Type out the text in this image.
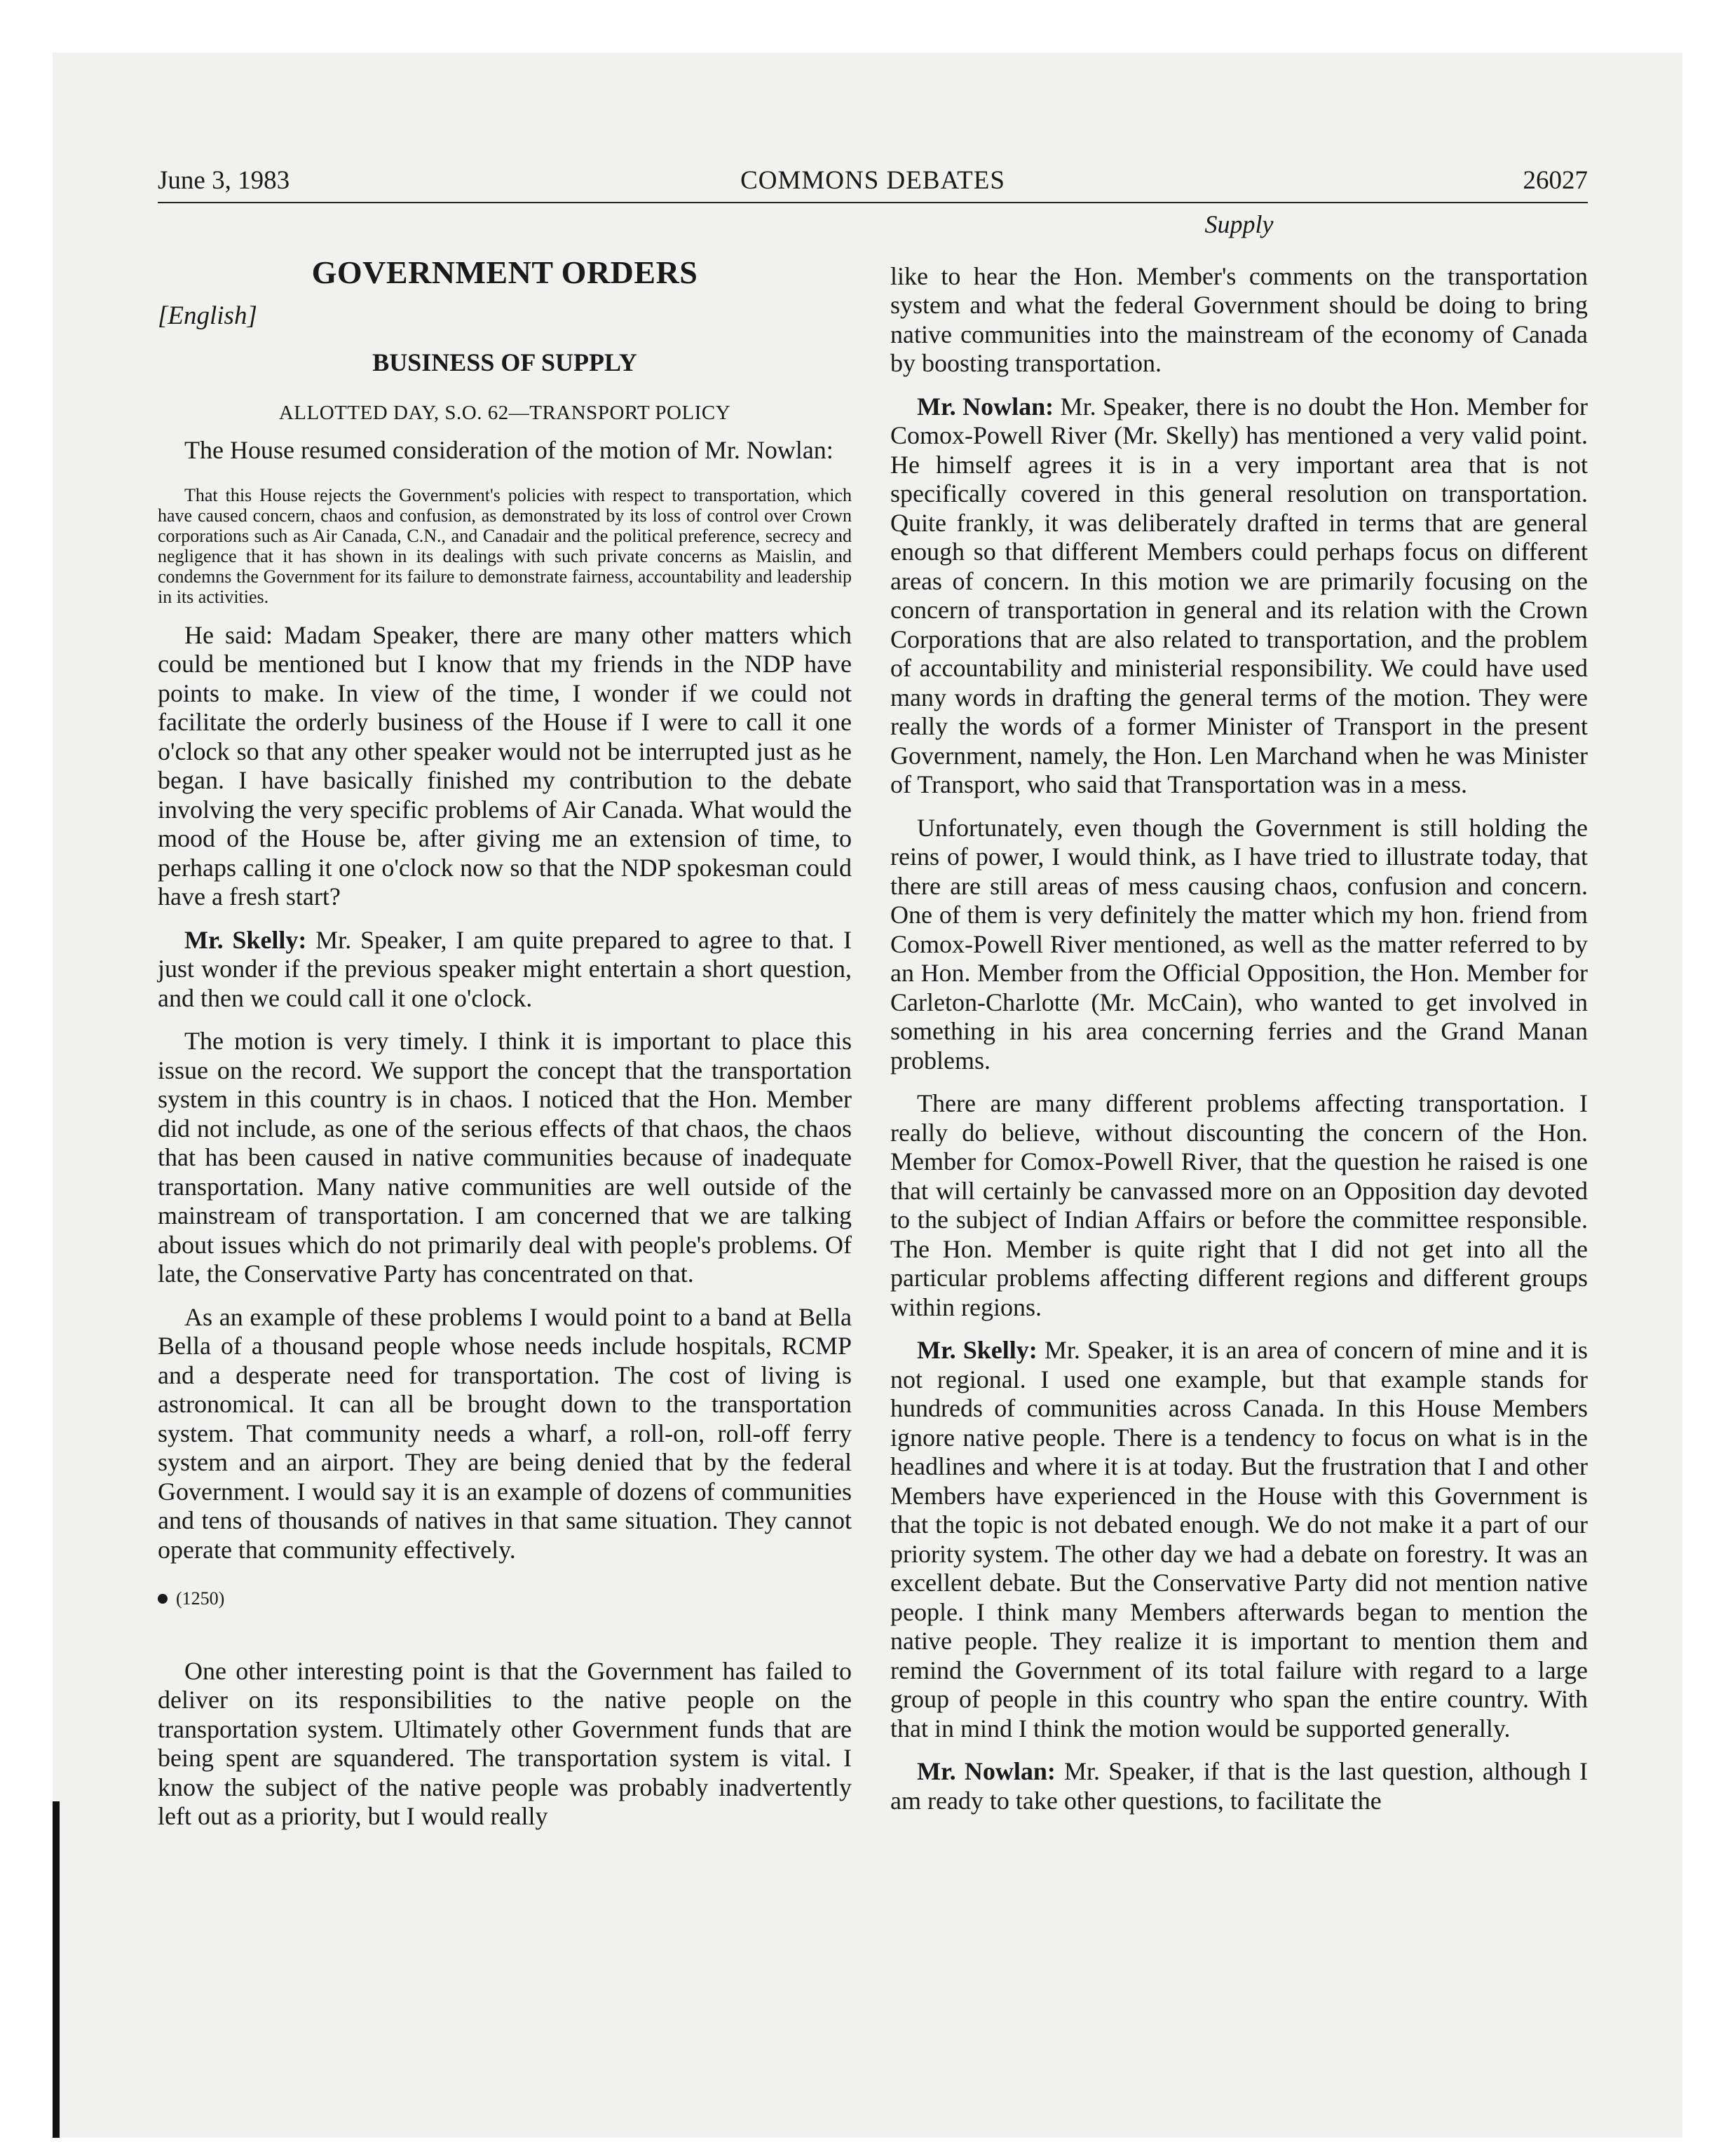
June 3, 1983	COMMONS DEBATES	26027
GOVERNMENT ORDERS
[English]
BUSINESS OF SUPPLY
ALLOTTED DAY, S.O. 62—TRANSPORT POLICY

The House resumed consideration of the motion of Mr. Nowlan:

That this House rejects the Government's policies with respect to transportation, which have caused concern, chaos and confusion, as demonstrated by its loss of control over Crown corporations such as Air Canada, C.N., and Canadair and the political preference, secrecy and negligence that it has shown in its dealings with such private concerns as Maislin, and condemns the Government for its failure to demonstrate fairness, accountability and leadership in its activities.

He said: Madam Speaker, there are many other matters which could be mentioned but I know that my friends in the NDP have points to make. In view of the time, I wonder if we could not facilitate the orderly business of the House if I were to call it one o'clock so that any other speaker would not be interrupted just as he began. I have basically finished my contribution to the debate involving the very specific problems of Air Canada. What would the mood of the House be, after giving me an extension of time, to perhaps calling it one o'clock now so that the NDP spokesman could have a fresh start?

Mr. Skelly: Mr. Speaker, I am quite prepared to agree to that. I just wonder if the previous speaker might entertain a short question, and then we could call it one o'clock.

The motion is very timely. I think it is important to place this issue on the record. We support the concept that the transportation system in this country is in chaos. I noticed that the Hon. Member did not include, as one of the serious effects of that chaos, the chaos that has been caused in native communities because of inadequate transportation. Many native communities are well outside of the mainstream of transportation. I am concerned that we are talking about issues which do not primarily deal with people's problems. Of late, the Conservative Party has concentrated on that.

As an example of these problems I would point to a band at Bella Bella of a thousand people whose needs include hospitals, RCMP and a desperate need for transportation. The cost of living is astronomical. It can all be brought down to the transportation system. That community needs a wharf, a roll-on, roll-off ferry system and an airport. They are being denied that by the federal Government. I would say it is an example of dozens of communities and tens of thousands of natives in that same situation. They cannot operate that community effectively.

(1250)

One other interesting point is that the Government has failed to deliver on its responsibilities to the native people on the transportation system. Ultimately other Government funds that are being spent are squandered. The transportation system is vital. I know the subject of the native people was probably inadvertently left out as a priority, but I would really

Supply

like to hear the Hon. Member's comments on the transportation system and what the federal Government should be doing to bring native communities into the mainstream of the economy of Canada by boosting transportation.

Mr. Nowlan: Mr. Speaker, there is no doubt the Hon. Member for Comox-Powell River (Mr. Skelly) has mentioned a very valid point. He himself agrees it is in a very important area that is not specifically covered in this general resolution on transportation. Quite frankly, it was deliberately drafted in terms that are general enough so that different Members could perhaps focus on different areas of concern. In this motion we are primarily focusing on the concern of transportation in general and its relation with the Crown Corporations that are also related to transportation, and the problem of accountability and ministerial responsibility. We could have used many words in drafting the general terms of the motion. They were really the words of a former Minister of Transport in the present Government, namely, the Hon. Len Marchand when he was Minister of Transport, who said that Transportation was in a mess.

Unfortunately, even though the Government is still holding the reins of power, I would think, as I have tried to illustrate today, that there are still areas of mess causing chaos, confusion and concern. One of them is very definitely the matter which my hon. friend from Comox-Powell River mentioned, as well as the matter referred to by an Hon. Member from the Official Opposition, the Hon. Member for Carleton-Charlotte (Mr. McCain), who wanted to get involved in something in his area concerning ferries and the Grand Manan problems.

There are many different problems affecting transportation. I really do believe, without discounting the concern of the Hon. Member for Comox-Powell River, that the question he raised is one that will certainly be canvassed more on an Opposition day devoted to the subject of Indian Affairs or before the committee responsible. The Hon. Member is quite right that I did not get into all the particular problems affecting different regions and different groups within regions.

Mr. Skelly: Mr. Speaker, it is an area of concern of mine and it is not regional. I used one example, but that example stands for hundreds of communities across Canada. In this House Members ignore native people. There is a tendency to focus on what is in the headlines and where it is at today. But the frustration that I and other Members have experienced in the House with this Government is that the topic is not debated enough. We do not make it a part of our priority system. The other day we had a debate on forestry. It was an excellent debate. But the Conservative Party did not mention native people. I think many Members afterwards began to mention the native people. They realize it is important to mention them and remind the Government of its total failure with regard to a large group of people in this country who span the entire country. With that in mind I think the motion would be supported generally.

Mr. Nowlan: Mr. Speaker, if that is the last question, although I am ready to take other questions, to facilitate the
